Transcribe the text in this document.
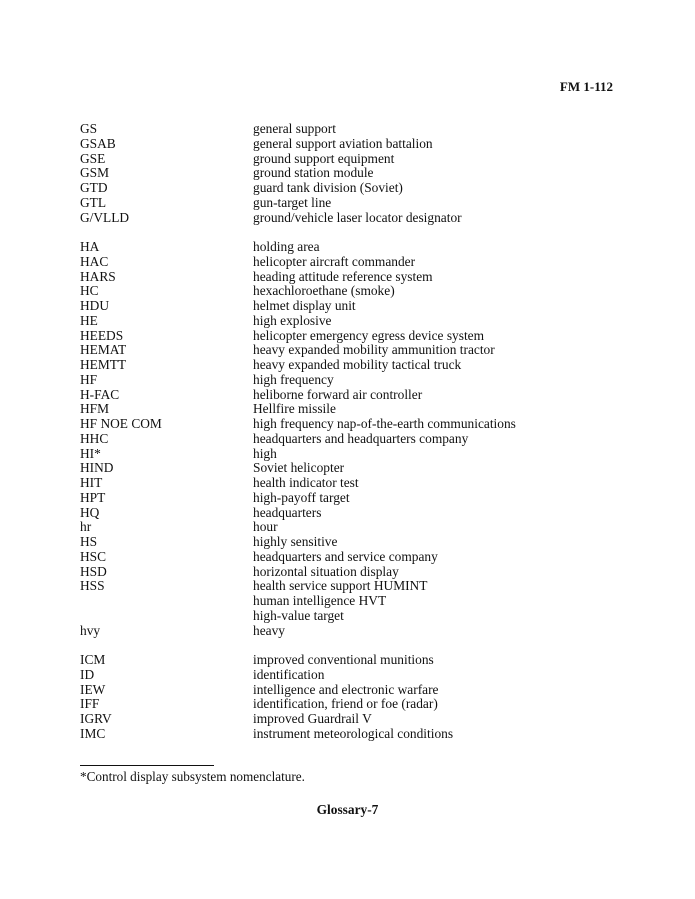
FM 1-112
GS	general support
GSAB	general support aviation battalion
GSE	ground support equipment
GSM	ground station module
GTD	guard tank division (Soviet)
GTL	gun-target line
G/VLLD	ground/vehicle laser locator designator
HA	holding area
HAC	helicopter aircraft commander
HARS	heading attitude reference system
HC	hexachloroethane (smoke)
HDU	helmet display unit
HE	high explosive
HEEDS	helicopter emergency egress device system
HEMAT	heavy expanded mobility ammunition tractor
HEMTT	heavy expanded mobility tactical truck
HF	high frequency
H-FAC	heliborne forward air controller
HFM	Hellfire missile
HF NOE COM	high frequency nap-of-the-earth communications
HHC	headquarters and headquarters company
HI*	high
HIND	Soviet helicopter
HIT	health indicator test
HPT	high-payoff target
HQ	headquarters
hr	hour
HS	highly sensitive
HSC	headquarters and service company
HSD	horizontal situation display
HSS	health service support HUMINT
human intelligence HVT
high-value target
hvy	heavy
ICM	improved conventional munitions
ID	identification
IEW	intelligence and electronic warfare
IFF	identification, friend or foe (radar)
IGRV	improved Guardrail V
IMC	instrument meteorological conditions
*Control display subsystem nomenclature.
Glossary-7
